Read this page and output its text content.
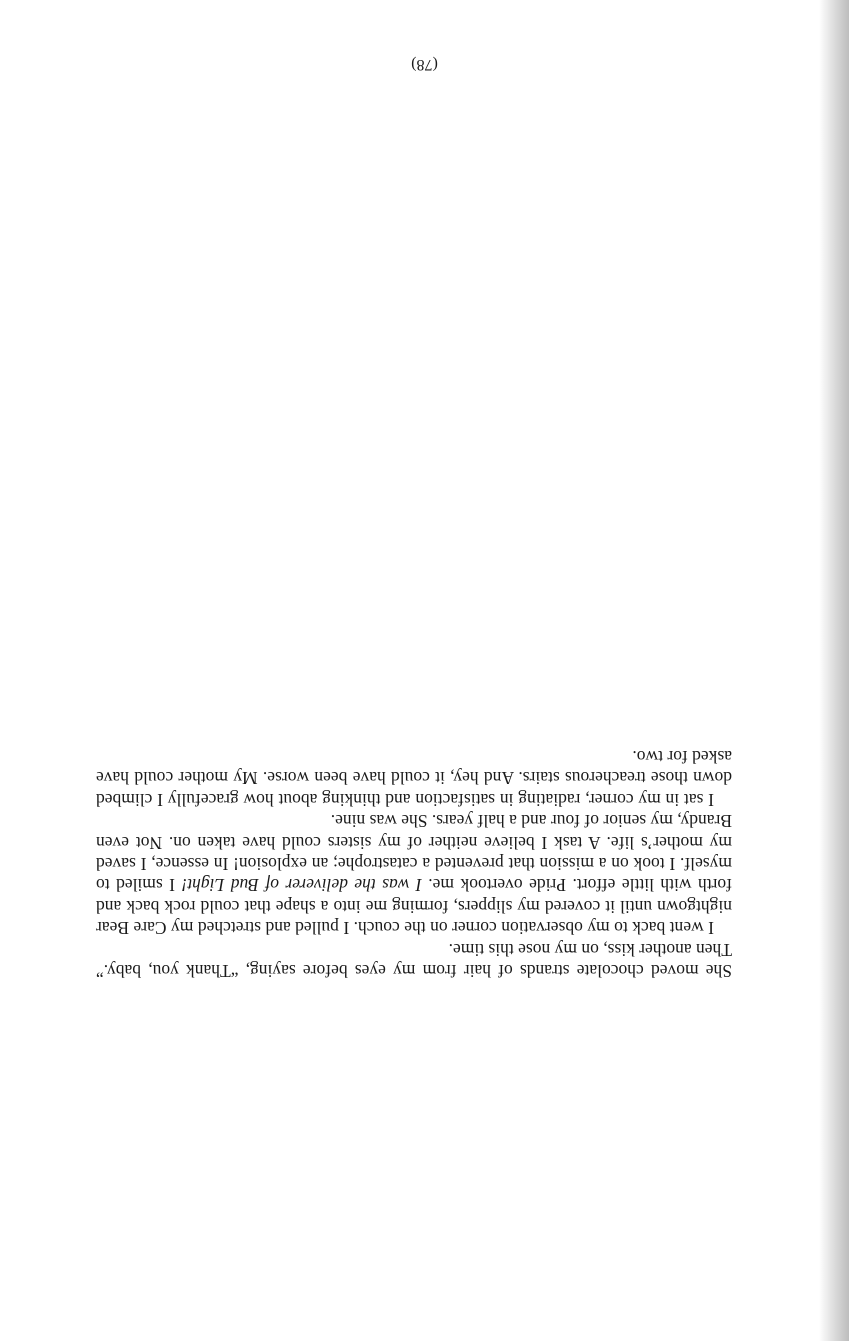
She moved chocolate strands of hair from my eyes before saying, “Thank you, baby.” Then another kiss, on my nose this time.

I went back to my observation corner on the couch. I pulled and stretched my Care Bear nightgown until it covered my slippers, forming me into a shape that could rock back and forth with little effort. Pride overtook me. I was the deliverer of Bud Light! I smiled to myself. I took on a mission that prevented a catastrophe; an explosion! In essence, I saved my mother’s life. A task I believe neither of my sisters could have taken on. Not even Brandy, my senior of four and a half years. She was nine.

I sat in my corner, radiating in satisfaction and thinking about how gracefully I climbed down those treacherous stairs. And hey, it could have been worse. My mother could have asked for two.

(78)
